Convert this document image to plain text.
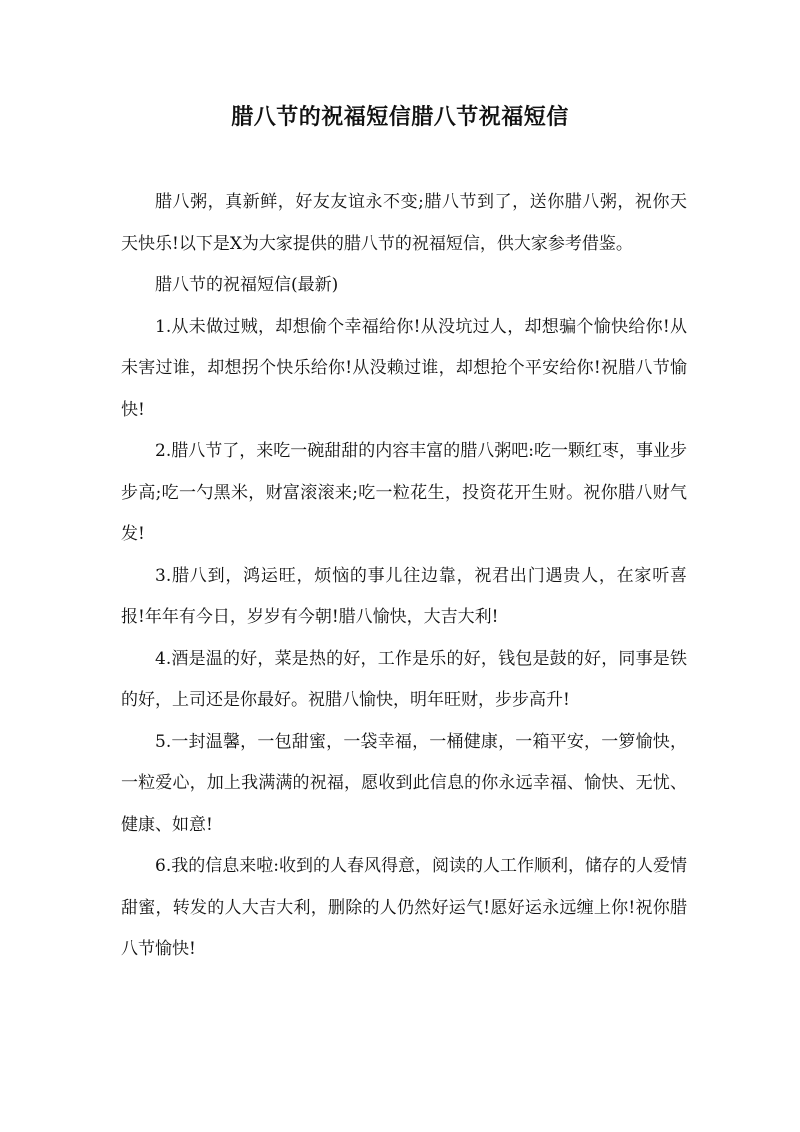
腊八节的祝福短信腊八节祝福短信

腊八粥，真新鲜，好友友谊永不变;腊八节到了，送你腊八粥，祝你天天快乐!以下是X为大家提供的腊八节的祝福短信，供大家参考借鉴。

腊八节的祝福短信(最新)

1.从未做过贼，却想偷个幸福给你!从没坑过人，却想骗个愉快给你!从未害过谁，却想拐个快乐给你!从没赖过谁，却想抢个平安给你!祝腊八节愉快!

2.腊八节了，来吃一碗甜甜的内容丰富的腊八粥吧:吃一颗红枣，事业步步高;吃一勺黑米，财富滚滚来;吃一粒花生，投资花开生财。祝你腊八财气发!

3.腊八到，鸿运旺，烦恼的事儿往边靠，祝君出门遇贵人，在家听喜报!年年有今日，岁岁有今朝!腊八愉快，大吉大利!

4.酒是温的好，菜是热的好，工作是乐的好，钱包是鼓的好，同事是铁的好，上司还是你最好。祝腊八愉快，明年旺财，步步高升!

5.一封温馨，一包甜蜜，一袋幸福，一桶健康，一箱平安，一箩愉快，一粒爱心，加上我满满的祝福，愿收到此信息的你永远幸福、愉快、无忧、健康、如意!

6.我的信息来啦:收到的人春风得意，阅读的人工作顺利，储存的人爱情甜蜜，转发的人大吉大利，删除的人仍然好运气!愿好运永远缠上你!祝你腊八节愉快!
